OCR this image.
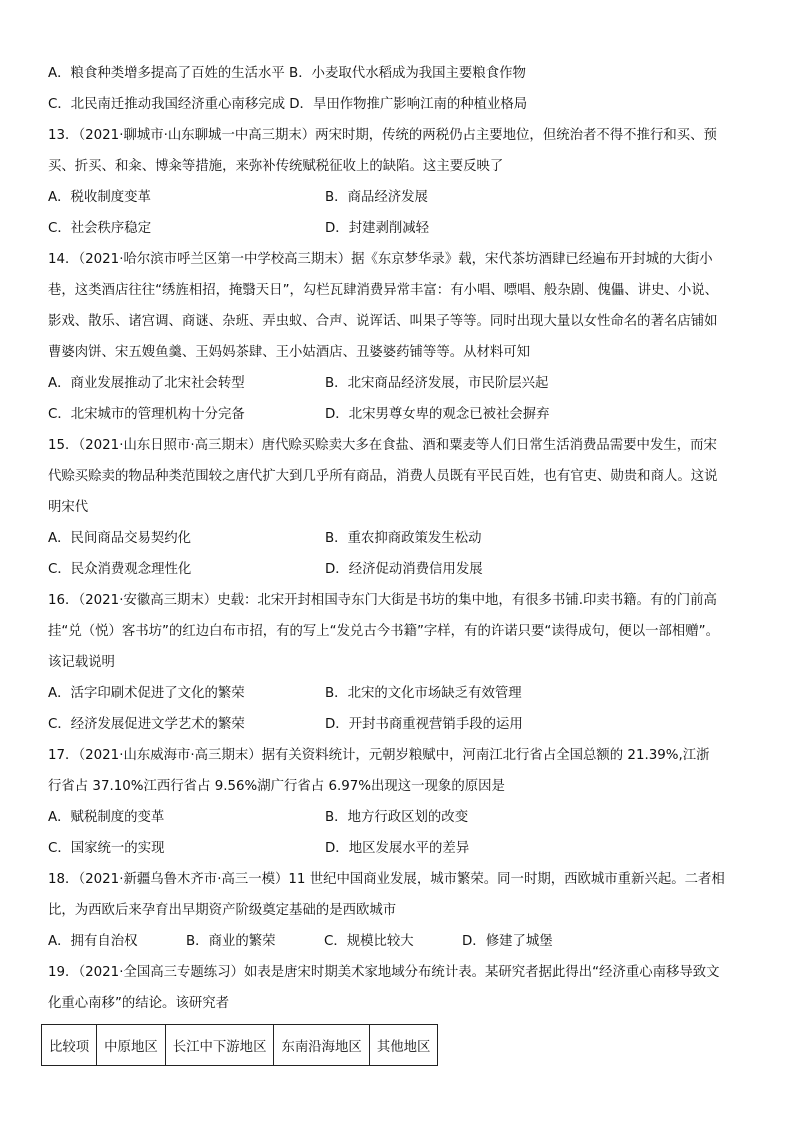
A．粮食种类增多提高了百姓的生活水平 B．小麦取代水稻成为我国主要粮食作物
C．北民南迁推动我国经济重心南移完成 D．旱田作物推广影响江南的种植业格局
13．（2021·聊城市·山东聊城一中高三期末）两宋时期，传统的两税仍占主要地位，但统治者不得不推行和买、预
买、折买、和籴、博籴等措施，来弥补传统赋税征收上的缺陷。这主要反映了
A．税收制度变革	B．商品经济发展
C．社会秩序稳定	D．封建剥削减轻
14．（2021·哈尔滨市呼兰区第一中学校高三期末）据《东京梦华录》载，宋代茶坊酒肆已经遍布开封城的大街小
巷，这类酒店往往“绣旌相招，掩翳天日”，勾栏瓦肆消费异常丰富：有小唱、嘌唱、般杂剧、傀儡、讲史、小说、
影戏、散乐、诸宫调、商谜、杂班、弄虫蚁、合声、说诨话、叫果子等等。同时出现大量以女性命名的著名店铺如
曹婆肉饼、宋五嫂鱼羹、王妈妈茶肆、王小姑酒店、丑婆婆药铺等等。从材料可知
A．商业发展推动了北宋社会转型	B．北宋商品经济发展，市民阶层兴起
C．北宋城市的管理机构十分完备	D．北宋男尊女卑的观念已被社会摒弃
15．（2021·山东日照市·高三期末）唐代赊买赊卖大多在食盐、酒和粟麦等人们日常生活消费品需要中发生，而宋
代赊买赊卖的物品种类范围较之唐代扩大到几乎所有商品，消费人员既有平民百姓，也有官吏、勋贵和商人。这说
明宋代
A．民间商品交易契约化	B．重农抑商政策发生松动
C．民众消费观念理性化	D．经济促动消费信用发展
16．（2021·安徽高三期末）史载：北宋开封相国寺东门大街是书坊的集中地，有很多书铺.印卖书籍。有的门前高
挂“兑（悦）客书坊”的红边白布市招，有的写上“发兑古今书籍”字样，有的许诺只要“读得成句，便以一部相赠”。
该记载说明
A．活字印刷术促进了文化的繁荣	B．北宋的文化市场缺乏有效管理
C．经济发展促进文学艺术的繁荣	D．开封书商重视营销手段的运用
17．（2021·山东威海市·高三期末）据有关资料统计，元朝岁粮赋中，河南江北行省占全国总额的 21.39%,江浙
行省占 37.10%江西行省占 9.56%湖广行省占 6.97%出现这一现象的原因是
A．赋税制度的变革	B．地方行政区划的改变
C．国家统一的实现	D．地区发展水平的差异
18．（2021·新疆乌鲁木齐市·高三一模）11 世纪中国商业发展，城市繁荣。同一时期，西欧城市重新兴起。二者相
比，为西欧后来孕育出早期资产阶级奠定基础的是西欧城市
A．拥有自治权	B．商业的繁荣	C．规模比较大	D．修建了城堡
19．（2021·全国高三专题练习）如表是唐宋时期美术家地域分布统计表。某研究者据此得出“经济重心南移导致文
化重心南移”的结论。该研究者
比较项	中原地区	长江中下游地区	东南沿海地区	其他地区
